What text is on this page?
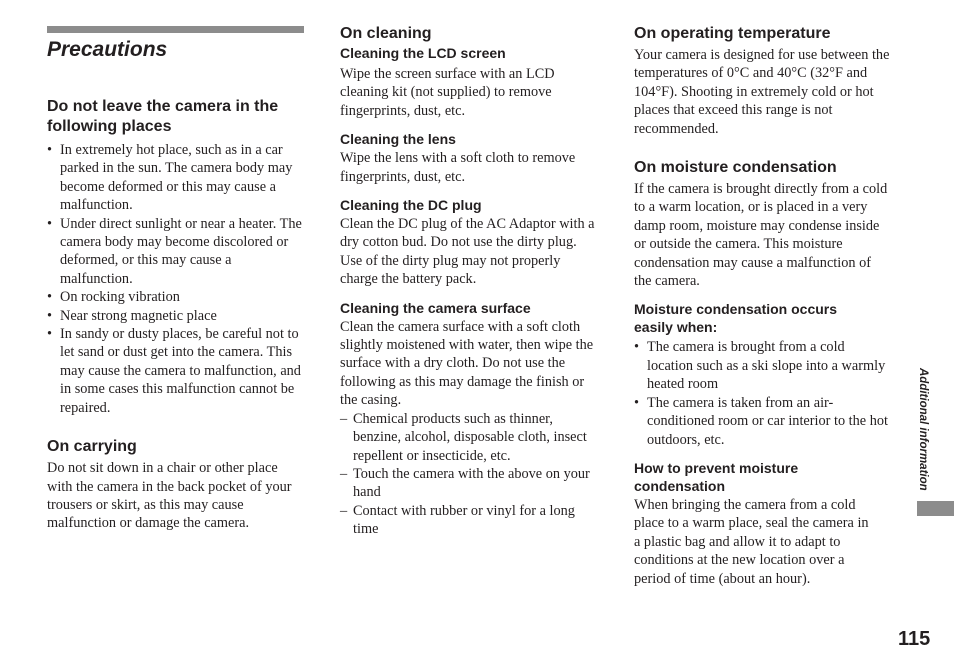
Precautions
Do not leave the camera in the following places
• In extremely hot place, such as in a car parked in the sun. The camera body may become deformed or this may cause a malfunction.
• Under direct sunlight or near a heater. The camera body may become discolored or deformed, or this may cause a malfunction.
• On rocking vibration
• Near strong magnetic place
• In sandy or dusty places, be careful not to let sand or dust get into the camera. This may cause the camera to malfunction, and in some cases this malfunction cannot be repaired.
On carrying

Do not sit down in a chair or other place with the camera in the back pocket of your trousers or skirt, as this may cause malfunction or damage the camera.

On cleaning
Cleaning the LCD screen

Wipe the screen surface with an LCD cleaning kit (not supplied) to remove fingerprints, dust, etc.

Cleaning the lens

Wipe the lens with a soft cloth to remove fingerprints, dust, etc.

Cleaning the DC plug

Clean the DC plug of the AC Adaptor with a dry cotton bud. Do not use the dirty plug. Use of the dirty plug may not properly charge the battery pack.

Cleaning the camera surface

Clean the camera surface with a soft cloth slightly moistened with water, then wipe the surface with a dry cloth. Do not use the following as this may damage the finish or the casing.

– Chemical products such as thinner, benzine, alcohol, disposable cloth, insect repellent or insecticide, etc.
– Touch the camera with the above on your hand
– Contact with rubber or vinyl for a long time
On operating temperature

Your camera is designed for use between the temperatures of 0°C and 40°C (32°F and 104°F). Shooting in extremely cold or hot places that exceed this range is not recommended.

On moisture condensation

If the camera is brought directly from a cold to a warm location, or is placed in a very damp room, moisture may condense inside or outside the camera. This moisture condensation may cause a malfunction of the camera.

Moisture condensation occurs easily when:
• The camera is brought from a cold location such as a ski slope into a warmly heated room
• The camera is taken from an air-conditioned room or car interior to the hot outdoors, etc.
How to prevent moisture condensation

When bringing the camera from a cold place to a warm place, seal the camera in a plastic bag and allow it to adapt to conditions at the new location over a period of time (about an hour).

Additional information
115
